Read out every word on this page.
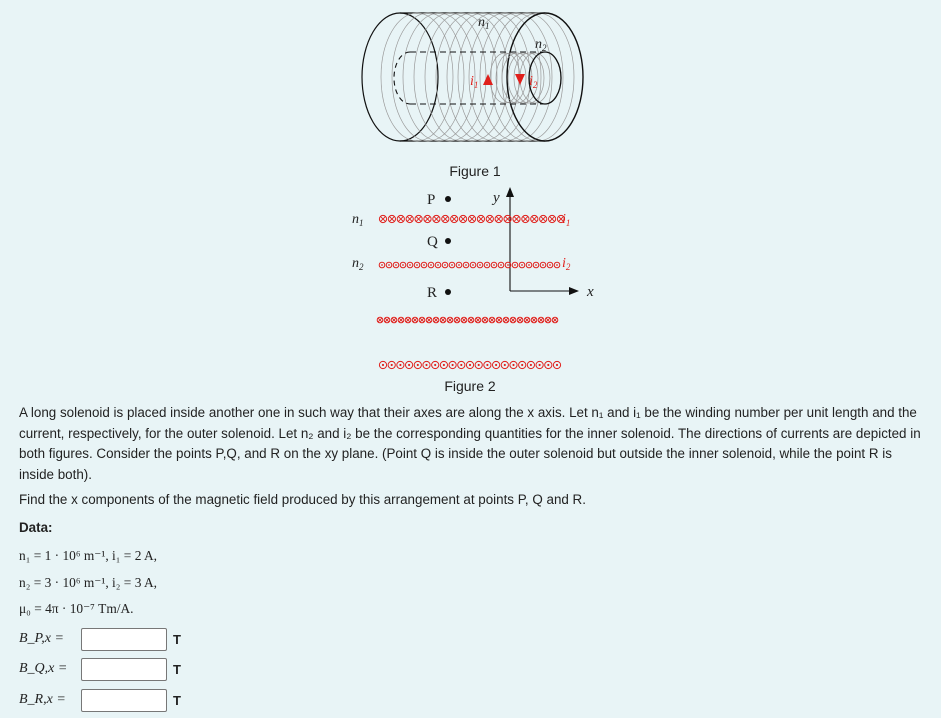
$n_1$
$n_2$
$i_1$	$i_2$
Figure 1
P
Q
R
y
x
$n_1$
$n_2$
$i_1$
$i_2$
Figure 2
A long solenoid is placed inside another one in such way that their axes are along the x axis. Let n₁ and i₁ be the winding number per unit length and the current, respectively, for the outer solenoid. Let n₂ and i₂ be the corresponding quantities for the inner solenoid. The directions of currents are depicted in both figures. Consider the points P,Q, and R on the xy plane. (Point Q is inside the outer solenoid but outside the inner solenoid, while the point R is inside both).
Find the x components of the magnetic field produced by this arrangement at points P, Q and R.
Data:
n₁ = 1 · 10⁶ m⁻¹, i₁ = 2 A,
n₂ = 3 · 10⁶ m⁻¹, i₂ = 3 A,
μ₀ = 4π · 10⁻⁷ Tm/A.
B_P,x =	T
B_Q,x =	T
B_R,x =	T
